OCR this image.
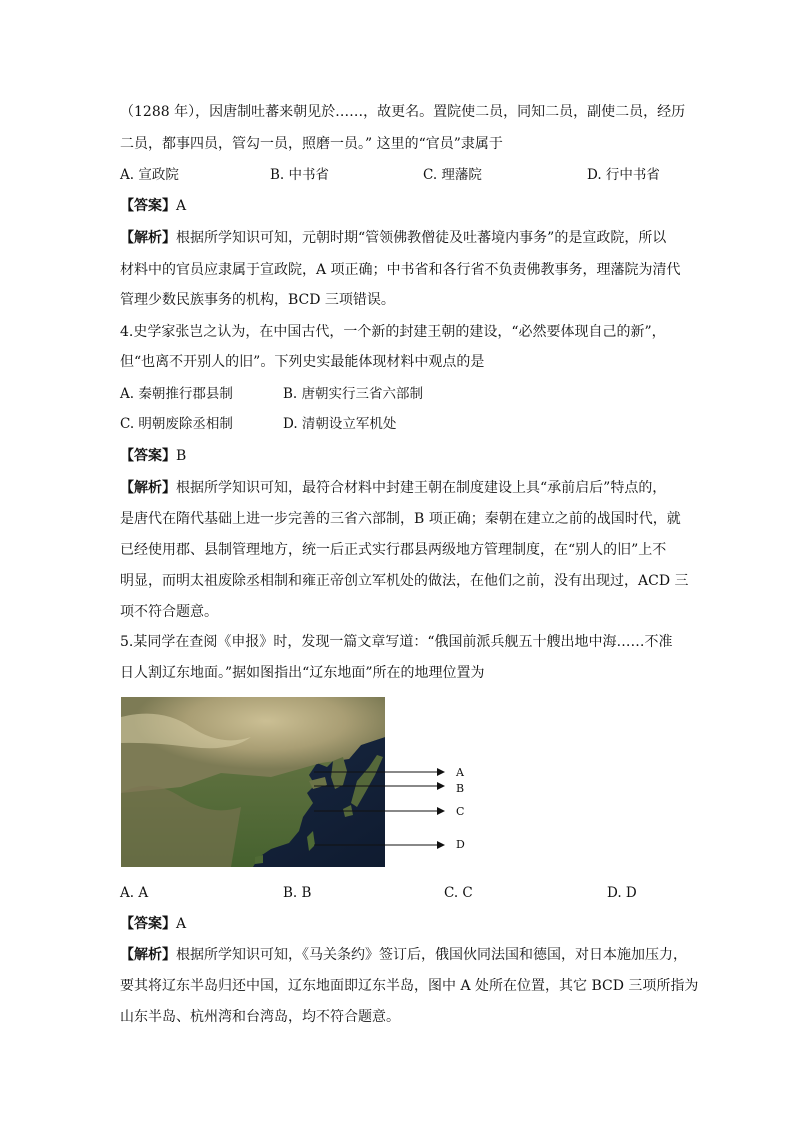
（1288 年），因唐制吐蕃来朝见於……，故更名。置院使二员，同知二员，副使二员，经历
二员，都事四员，管勾一员，照磨一员。” 这里的“官员”隶属于
A. 宣政院	B. 中书省	C. 理藩院	D. 行中书省
【答案】A
【解析】根据所学知识可知，元朝时期“管领佛教僧徒及吐蕃境内事务”的是宣政院，所以
材料中的官员应隶属于宣政院，A 项正确；中书省和各行省不负责佛教事务，理藩院为清代
管理少数民族事务的机构，BCD 三项错误。
4.史学家张岂之认为，在中国古代，一个新的封建王朝的建设，“必然要体现自己的新”，
但“也离不开别人的旧”。下列史实最能体现材料中观点的是
A. 秦朝推行郡县制	B. 唐朝实行三省六部制
C. 明朝废除丞相制	D. 清朝设立军机处
【答案】B
【解析】根据所学知识可知，最符合材料中封建王朝在制度建设上具“承前启后”特点的，
是唐代在隋代基础上进一步完善的三省六部制，B 项正确；秦朝在建立之前的战国时代，就
已经使用郡、县制管理地方，统一后正式实行郡县两级地方管理制度，在“别人的旧”上不
明显，而明太祖废除丞相制和雍正帝创立军机处的做法，在他们之前，没有出现过，ACD 三
项不符合题意。
5.某同学在查阅《申报》时，发现一篇文章写道：“俄国前派兵舰五十艘出地中海……不准
日人割辽东地面。”据如图指出“辽东地面”所在的地理位置为
A
B
C
D
A. A	B. B	C. C	D. D
【答案】A
【解析】根据所学知识可知，《马关条约》签订后，俄国伙同法国和德国，对日本施加压力，
要其将辽东半岛归还中国，辽东地面即辽东半岛，图中 A 处所在位置，其它 BCD 三项所指为
山东半岛、杭州湾和台湾岛，均不符合题意。
